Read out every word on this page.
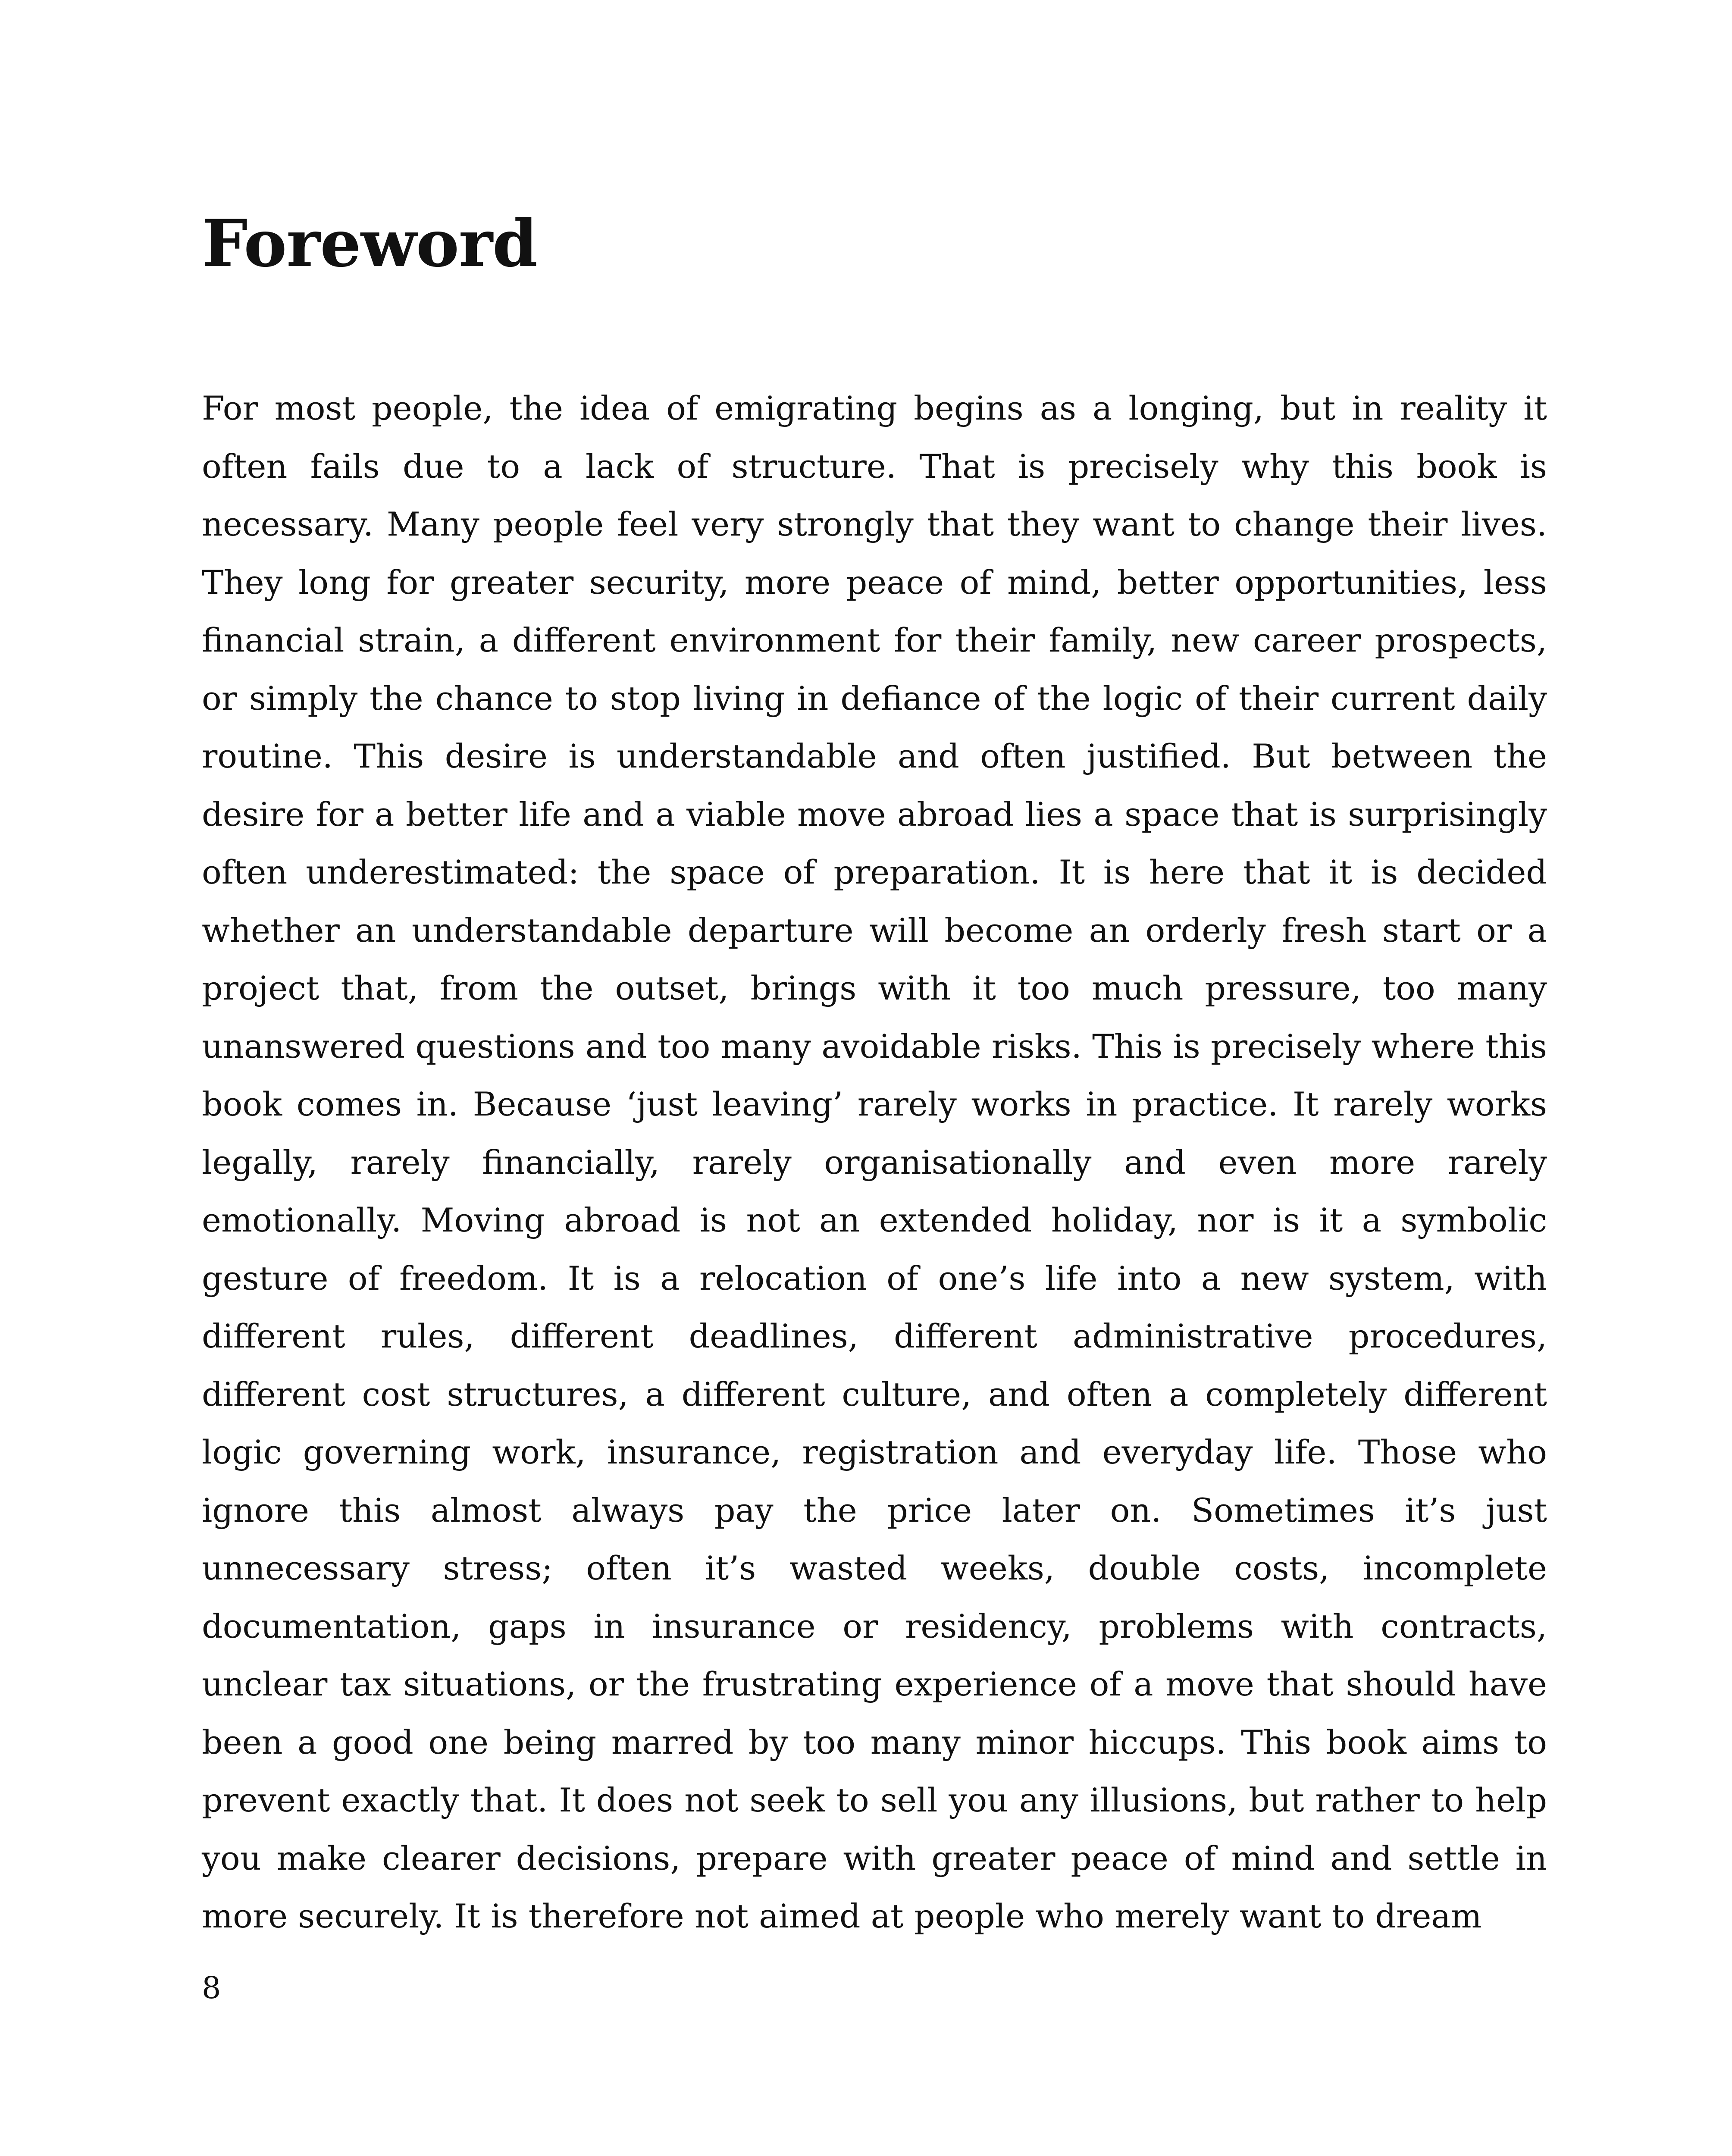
Foreword

For most people, the idea of emigrating begins as a longing, but in reality it often fails due to a lack of structure. That is precisely why this book is necessary. Many people feel very strongly that they want to change their lives. They long for greater security, more peace of mind, better opportunities, less financial strain, a different environment for their family, new career prospects, or simply the chance to stop living in defiance of the logic of their current daily routine. This desire is understandable and often justified. But between the desire for a better life and a viable move abroad lies a space that is surprisingly often underestimated: the space of preparation. It is here that it is decided whether an understandable departure will become an orderly fresh start or a project that, from the outset, brings with it too much pressure, too many unanswered questions and too many avoidable risks. This is precisely where this book comes in. Because ‘just leaving’ rarely works in practice. It rarely works legally, rarely financially, rarely organisationally and even more rarely emotionally. Moving abroad is not an extended holiday, nor is it a symbolic gesture of freedom. It is a relocation of one’s life into a new system, with different rules, different deadlines, different administrative procedures, different cost structures, a different culture, and often a completely different logic governing work, insurance, registration and everyday life. Those who ignore this almost always pay the price later on. Sometimes it’s just unnecessary stress; often it’s wasted weeks, double costs, incomplete documentation, gaps in insurance or residency, problems with contracts, unclear tax situations, or the frustrating experience of a move that should have been a good one being marred by too many minor hiccups. This book aims to prevent exactly that. It does not seek to sell you any illusions, but rather to help you make clearer decisions, prepare with greater peace of mind and settle in more securely. It is therefore not aimed at people who merely want to dream

8
